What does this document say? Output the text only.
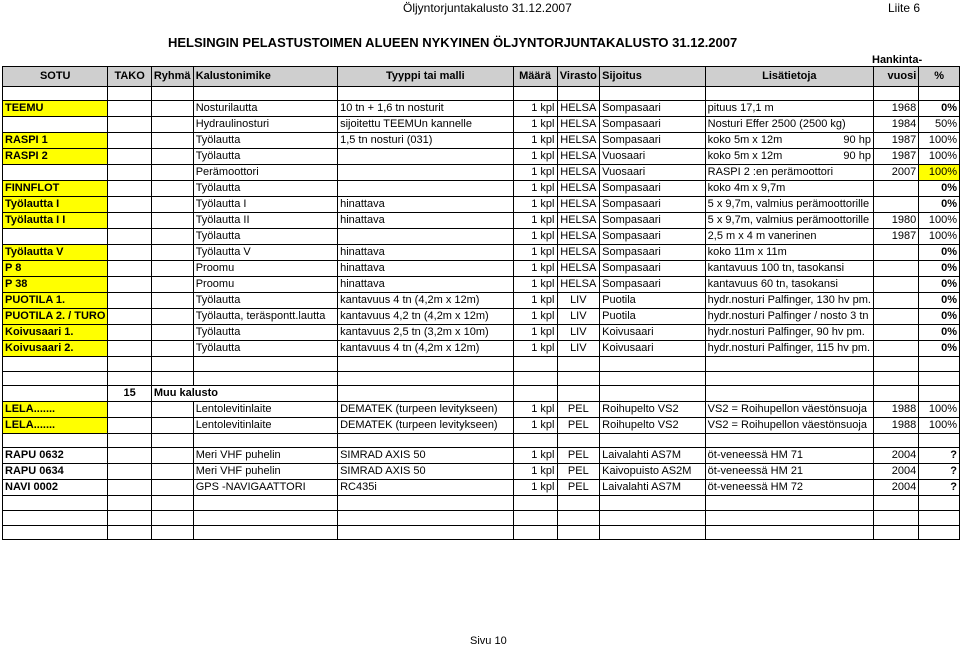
Öljyntorjuntakalusto 31.12.2007	Liite 6
HELSINGIN PELASTUSTOIMEN ALUEEN NYKYINEN ÖLJYNTORJUNTAKALUSTO 31.12.2007
Hankinta-
SOTU	TAKO	Ryhmä	Kalustonimike	Tyyppi tai malli	Määrä	Virasto	Sijoitus	Lisätietoja	vuosi	%

TEEMU			Nosturilautta	10 tn + 1,6 tn nosturit	1 kpl	HELSA	Sompasaari	pituus 17,1 m	1968	0%
			Hydraulinosturi	sijoitettu TEEMUn kannelle	1 kpl	HELSA	Sompasaari	Nosturi Effer 2500 (2500 kg)	1984	50%
RASPI 1			Työlautta	1,5 tn nosturi (031)	1 kpl	HELSA	Sompasaari	koko 5m x 12m 90 hp	1987	100%
RASPI 2			Työlautta		1 kpl	HELSA	Vuosaari	koko 5m x 12m 90 hp	1987	100%
			Perämoottori		1 kpl	HELSA	Vuosaari	RASPI 2 :en perämoottori	2007	100%
FINNFLOT			Työlautta		1 kpl	HELSA	Sompasaari	koko 4m x 9,7m		0%
Työlautta I			Työlautta I	hinattava	1 kpl	HELSA	Sompasaari	5 x 9,7m, valmius perämoottorille		0%
Työlautta I I			Työlautta II	hinattava	1 kpl	HELSA	Sompasaari	5 x 9,7m, valmius perämoottorille	1980	100%
			Työlautta		1 kpl	HELSA	Sompasaari	2,5 m x 4 m vanerinen	1987	100%
Työlautta V			Työlautta V	hinattava	1 kpl	HELSA	Sompasaari	koko 11m x 11m		0%
P 8			Proomu	hinattava	1 kpl	HELSA	Sompasaari	kantavuus 100 tn, tasokansi		0%
P 38			Proomu	hinattava	1 kpl	HELSA	Sompasaari	kantavuus 60 tn, tasokansi		0%
PUOTILA 1.			Työlautta	kantavuus 4 tn (4,2m x 12m)	1 kpl	LIV	Puotila	hydr.nosturi Palfinger, 130 hv pm.		0%
PUOTILA 2. / TURO			Työlautta, teräspontt.lautta	kantavuus 4,2 tn (4,2m x 12m)	1 kpl	LIV	Puotila	hydr.nosturi Palfinger / nosto 3 tn		0%
Koivusaari 1.			Työlautta	kantavuus 2,5 tn (3,2m x 10m)	1 kpl	LIV	Koivusaari	hydr.nosturi Palfinger, 90 hv pm.		0%
Koivusaari 2.			Työlautta	kantavuus 4 tn (4,2m x 12m)	1 kpl	LIV	Koivusaari	hydr.nosturi Palfinger, 115 hv pm.		0%

	15	Muu kalusto								
LELA.......			Lentolevitinlaite	DEMATEK (turpeen levitykseen)	1 kpl	PEL	Roihupelto VS2	VS2 = Roihupellon väestönsuoja	1988	100%
LELA.......			Lentolevitinlaite	DEMATEK (turpeen levitykseen)	1 kpl	PEL	Roihupelto VS2	VS2 = Roihupellon väestönsuoja	1988	100%

RAPU 0632			Meri VHF puhelin	SIMRAD AXIS 50	1 kpl	PEL	Laivalahti AS7M	öt-veneessä HM 71	2004	?
RAPU 0634			Meri VHF puhelin	SIMRAD AXIS 50	1 kpl	PEL	Kaivopuisto AS2M	öt-veneessä HM 21	2004	?
NAVI 0002			GPS -NAVIGAATTORI	RC435i	1 kpl	PEL	Laivalahti AS7M	öt-veneessä HM 72	2004	?

Sivu 10
